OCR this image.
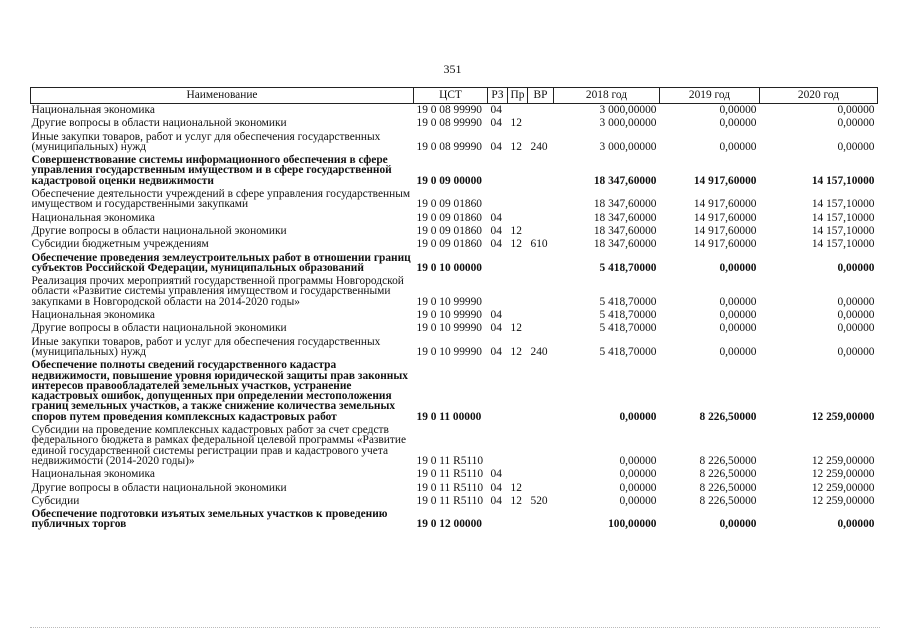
351
Наименование	ЦСТ	РЗ	Пр	ВР	2018 год	2019 год	2020 год
Национальная экономика	19 0 08 99990	04			3 000,00000	0,00000	0,00000
Другие вопросы в области национальной экономики	19 0 08 99990	04	12		3 000,00000	0,00000	0,00000
Иные закупки товаров, работ и услуг для обеспечения государственных (муниципальных) нужд	19 0 08 99990	04	12	240	3 000,00000	0,00000	0,00000
Совершенствование системы информационного обеспечения в сфере управления государственным имуществом и в сфере государственной кадастровой оценки недвижимости	19 0 09 00000				18 347,60000	14 917,60000	14 157,10000
Обеспечение деятельности учреждений в сфере управления государственным имуществом и государственными закупками	19 0 09 01860				18 347,60000	14 917,60000	14 157,10000
Национальная экономика	19 0 09 01860	04			18 347,60000	14 917,60000	14 157,10000
Другие вопросы в области национальной экономики	19 0 09 01860	04	12		18 347,60000	14 917,60000	14 157,10000
Субсидии бюджетным учреждениям	19 0 09 01860	04	12	610	18 347,60000	14 917,60000	14 157,10000
Обеспечение проведения землеустроительных работ в отношении границ субъектов Российской Федерации, муниципальных образований	19 0 10 00000				5 418,70000	0,00000	0,00000
Реализация прочих мероприятий государственной программы Новгородской области «Развитие системы управления имуществом и государственными закупками в Новгородской области на 2014-2020 годы»	19 0 10 99990				5 418,70000	0,00000	0,00000
Национальная экономика	19 0 10 99990	04			5 418,70000	0,00000	0,00000
Другие вопросы в области национальной экономики	19 0 10 99990	04	12		5 418,70000	0,00000	0,00000
Иные закупки товаров, работ и услуг для обеспечения государственных (муниципальных) нужд	19 0 10 99990	04	12	240	5 418,70000	0,00000	0,00000
Обеспечение полноты сведений государственного кадастра недвижимости, повышение уровня юридической защиты прав законных интересов правообладателей земельных участков, устранение кадастровых ошибок, допущенных при определении местоположения границ земельных участков, а также снижение количества земельных споров путем проведения комплексных кадастровых работ	19 0 11 00000				0,00000	8 226,50000	12 259,00000
Субсидии на проведение комплексных кадастровых работ за счет средств федерального бюджета в рамках федеральной целевой программы «Развитие единой государственной системы регистрации прав и кадастрового учета недвижимости (2014-2020 годы)»	19 0 11 R5110				0,00000	8 226,50000	12 259,00000
Национальная экономика	19 0 11 R5110	04			0,00000	8 226,50000	12 259,00000
Другие вопросы в области национальной экономики	19 0 11 R5110	04	12		0,00000	8 226,50000	12 259,00000
Субсидии	19 0 11 R5110	04	12	520	0,00000	8 226,50000	12 259,00000
Обеспечение подготовки изъятых земельных участков к проведению публичных торгов	19 0 12 00000				100,00000	0,00000	0,00000
